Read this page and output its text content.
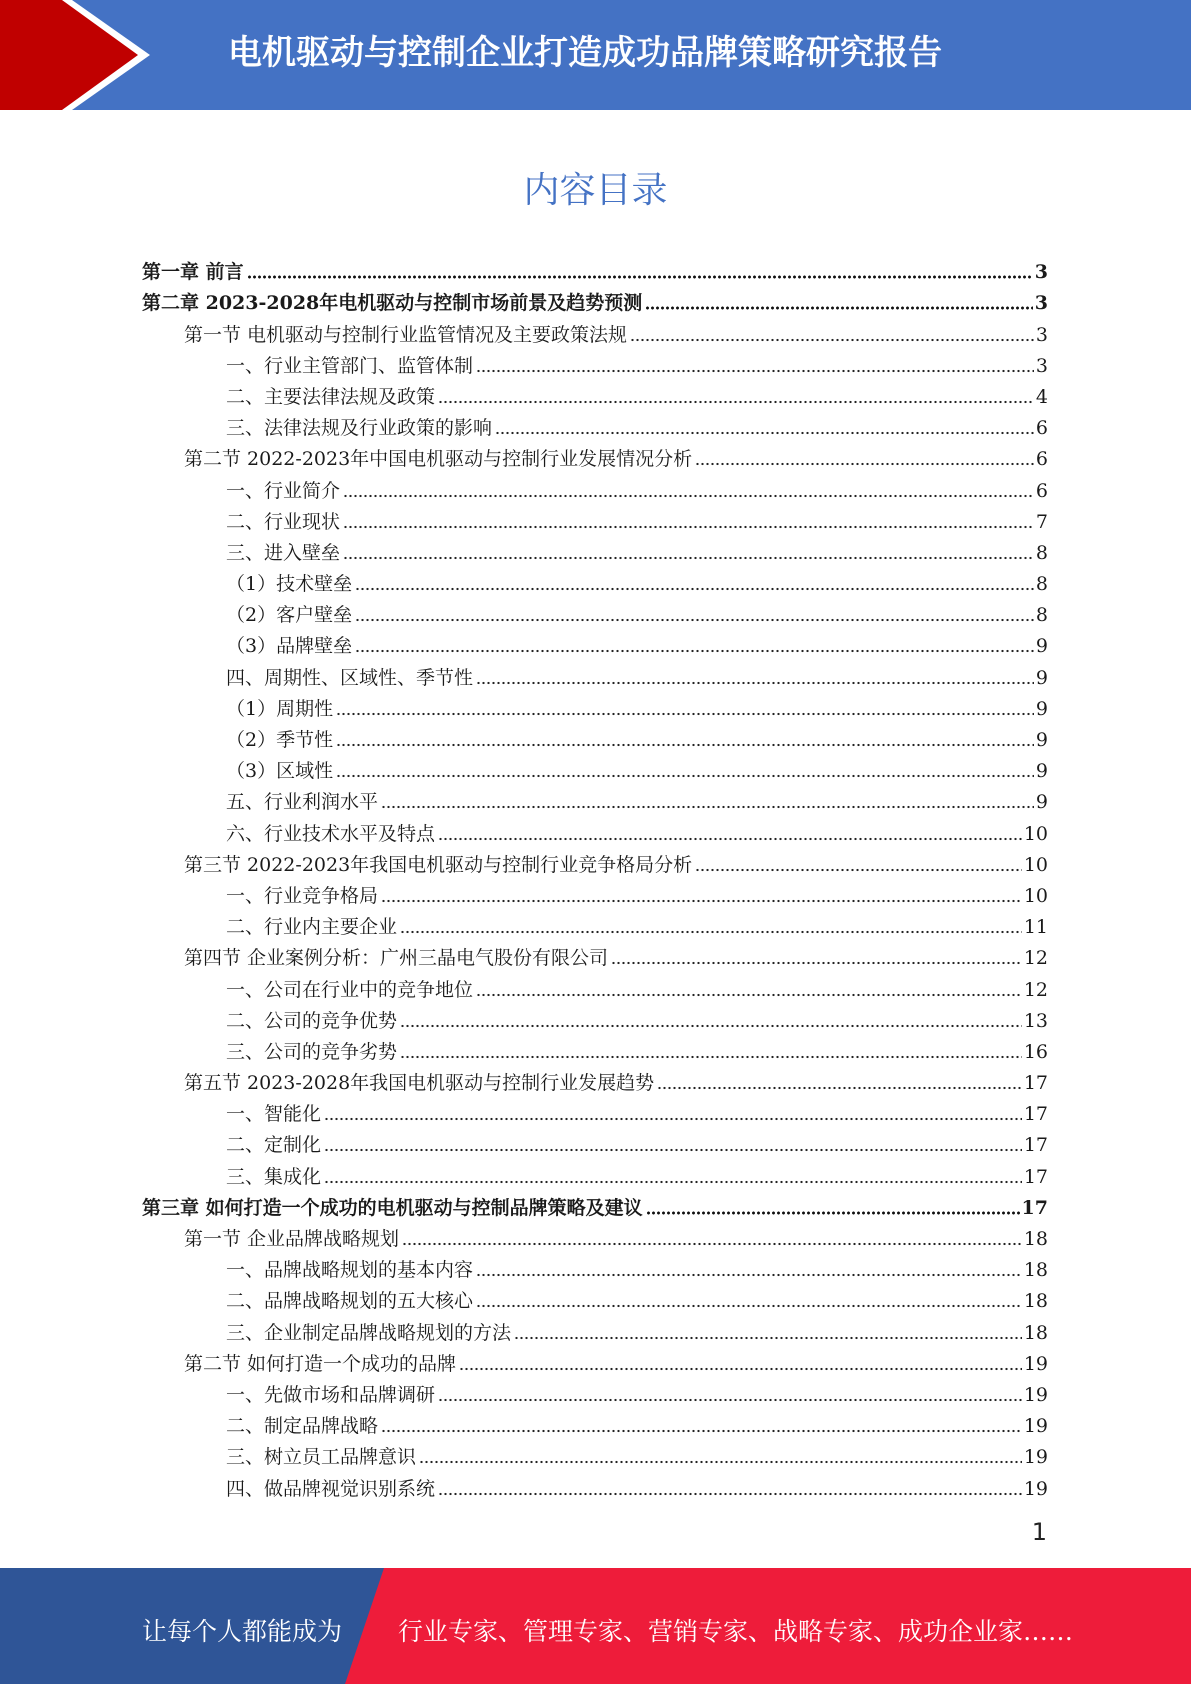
电机驱动与控制企业打造成功品牌策略研究报告
内容目录
第一章 前言	3
第二章 2023-2028年电机驱动与控制市场前景及趋势预测	3
第一节 电机驱动与控制行业监管情况及主要政策法规	3
一、行业主管部门、监管体制	3
二、主要法律法规及政策	4
三、法律法规及行业政策的影响	6
第二节 2022-2023年中国电机驱动与控制行业发展情况分析	6
一、行业简介	6
二、行业现状	7
三、进入壁垒	8
（1）技术壁垒	8
（2）客户壁垒	8
（3）品牌壁垒	9
四、周期性、区域性、季节性	9
（1）周期性	9
（2）季节性	9
（3）区域性	9
五、行业利润水平	9
六、行业技术水平及特点	10
第三节 2022-2023年我国电机驱动与控制行业竞争格局分析	10
一、行业竞争格局	10
二、行业内主要企业	11
第四节 企业案例分析：广州三晶电气股份有限公司	12
一、公司在行业中的竞争地位	12
二、公司的竞争优势	13
三、公司的竞争劣势	16
第五节 2023-2028年我国电机驱动与控制行业发展趋势	17
一、智能化	17
二、定制化	17
三、集成化	17
第三章 如何打造一个成功的电机驱动与控制品牌策略及建议	17
第一节 企业品牌战略规划	18
一、品牌战略规划的基本内容	18
二、品牌战略规划的五大核心	18
三、企业制定品牌战略规划的方法	18
第二节 如何打造一个成功的品牌	19
一、先做市场和品牌调研	19
二、制定品牌战略	19
三、树立员工品牌意识	19
四、做品牌视觉识别系统	19
1
让每个人都能成为 行业专家、管理专家、营销专家、战略专家、成功企业家……
